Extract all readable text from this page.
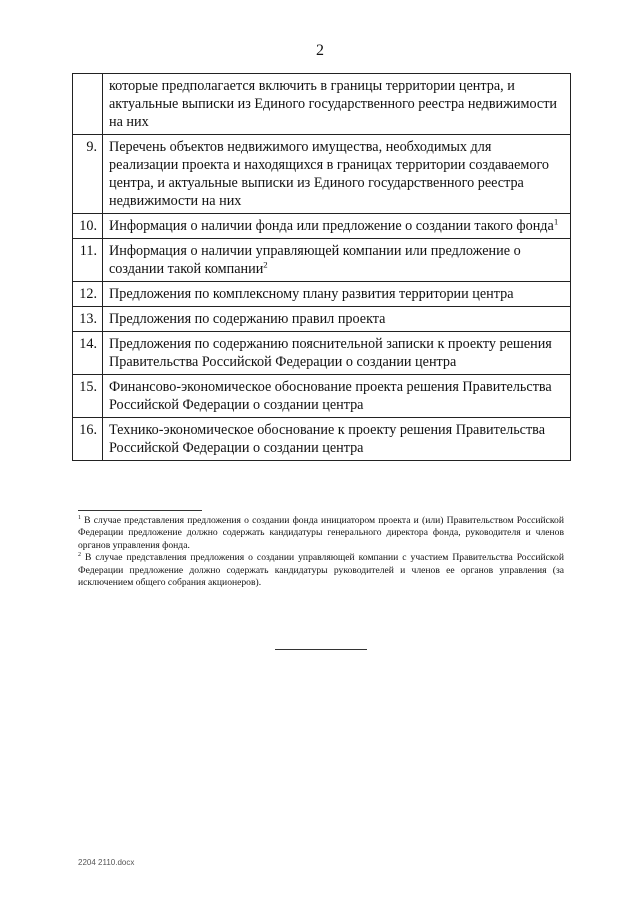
2
	которые предполагается включить в границы территории центра, и актуальные выписки из Единого государственного реестра недвижимости на них
9.	Перечень объектов недвижимого имущества, необходимых для реализации проекта и находящихся в границах территории создаваемого центра, и актуальные выписки из Единого государственного реестра недвижимости на них
10.	Информация о наличии фонда или предложение о создании такого фонда$^1$
11.	Информация о наличии управляющей компании или предложение о создании такой компании$^2$
12.	Предложения по комплексному плану развития территории центра
13.	Предложения по содержанию правил проекта
14.	Предложения по содержанию пояснительной записки к проекту решения Правительства Российской Федерации о создании центра
15.	Финансово-экономическое обоснование проекта решения Правительства Российской Федерации о создании центра
16.	Технико-экономическое обоснование к проекту решения Правительства Российской Федерации о создании центра

$^1$ В случае представления предложения о создании фонда инициатором проекта и (или) Правительством Российской Федерации предложение должно содержать кандидатуры генерального директора фонда, руководителя и членов органов управления фонда.

$^2$ В случае представления предложения о создании управляющей компании с участием Правительства Российской Федерации предложение должно содержать кандидатуры руководителей и членов ее органов управления (за исключением общего собрания акционеров).

2204 2110.docx
